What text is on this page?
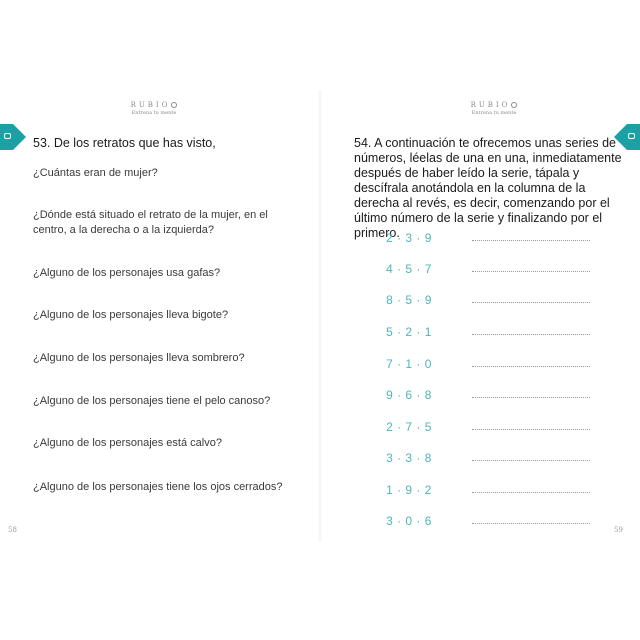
RUBIO
Entrena tu mente
53. De los retratos que has visto,
¿Cuántas eran de mujer?
¿Dónde está situado el retrato de la mujer, en el centro, a la derecha o a la izquierda?
¿Alguno de los personajes usa gafas?
¿Alguno de los personajes lleva bigote?
¿Alguno de los personajes lleva sombrero?
¿Alguno de los personajes tiene el pelo canoso?
¿Alguno de los personajes está calvo?
¿Alguno de los personajes tiene los ojos cerrados?
58
RUBIO
Entrena tu mente
54. A continuación te ofrecemos unas series de números, léelas de una en una, inmediatamente después de haber leído la serie, tápala y descífrala anotándola en la columna de la derecha al revés, es decir, comenzando por el último número de la serie y finalizando por el primero.
2 · 3 · 9
4 · 5 · 7
8 · 5 · 9
5 · 2 · 1
7 · 1 · 0
9 · 6 · 8
2 · 7 · 5
3 · 3 · 8
1 · 9 · 2
3 · 0 · 6
59
